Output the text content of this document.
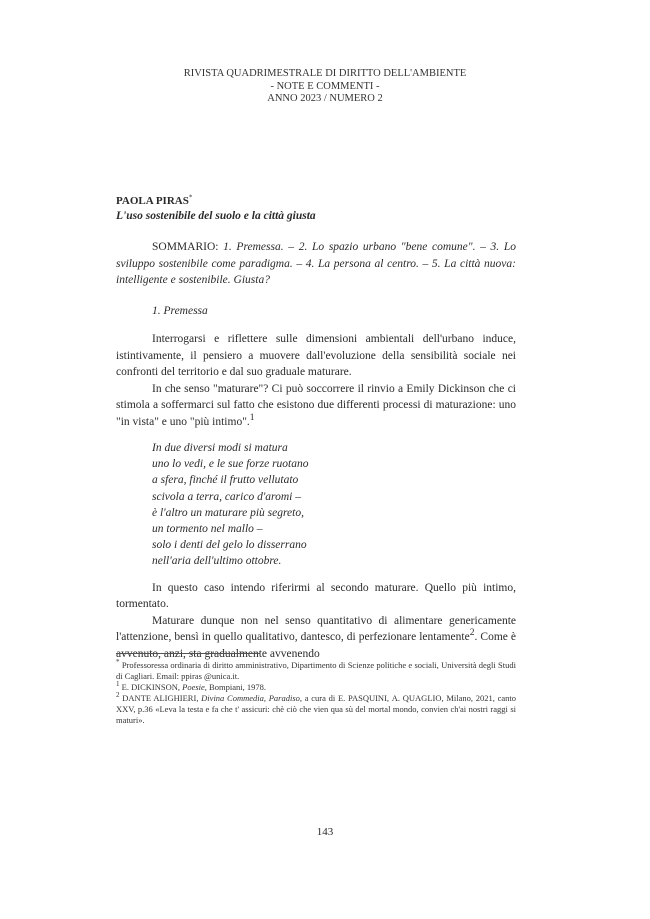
RIVISTA QUADRIMESTRALE DI DIRITTO DELL'AMBIENTE
- NOTE E COMMENTI -
ANNO 2023 / NUMERO 2
PAOLA PIRAS*
L'uso sostenibile del suolo e la città giusta
SOMMARIO: 1. Premessa. – 2. Lo spazio urbano "bene comune". – 3. Lo sviluppo sostenibile come paradigma. – 4. La persona al centro. – 5. La città nuova: intelligente e sostenibile. Giusta?
1. Premessa

Interrogarsi e riflettere sulle dimensioni ambientali dell'urbano induce, istintivamente, il pensiero a muovere dall'evoluzione della sensibilità sociale nei confronti del territorio e dal suo graduale maturare.

In che senso "maturare"? Ci può soccorrere il rinvio a Emily Dickinson che ci stimola a soffermarci sul fatto che esistono due differenti processi di maturazione: uno "in vista" e uno "più intimo".$^1$

In due diversi modi si matura
uno lo vedi, e le sue forze ruotano
a sfera, finché il frutto vellutato
scivola a terra, carico d'aromi –
è l'altro un maturare più segreto,
un tormento nel mallo –
solo i denti del gelo lo disserrano
nell'aria dell'ultimo ottobre.

In questo caso intendo riferirmi al secondo maturare. Quello più intimo, tormentato.

Maturare dunque non nel senso quantitativo di alimentare genericamente l'attenzione, bensì in quello qualitativo, dantesco, di perfezionare lentamente$^2$. Come è avvenuto, anzi, sta gradualmente avvenendo

* Professoressa ordinaria di diritto amministrativo, Dipartimento di Scienze politiche e sociali, Università degli Studi di Cagliari. Email: ppiras @unica.it.

$^1$ E. DICKINSON, Poesie, Bompiani, 1978.

$^2$ DANTE ALIGHIERI, Divina Commedia, Paradiso, a cura di E. PASQUINI, A. QUAGLIO, Milano, 2021, canto XXV, p.36 «Leva la testa e fa che t' assicuri: chè ciò che vien qua sù del mortal mondo, convien ch'ai nostri raggi si maturi».

143
